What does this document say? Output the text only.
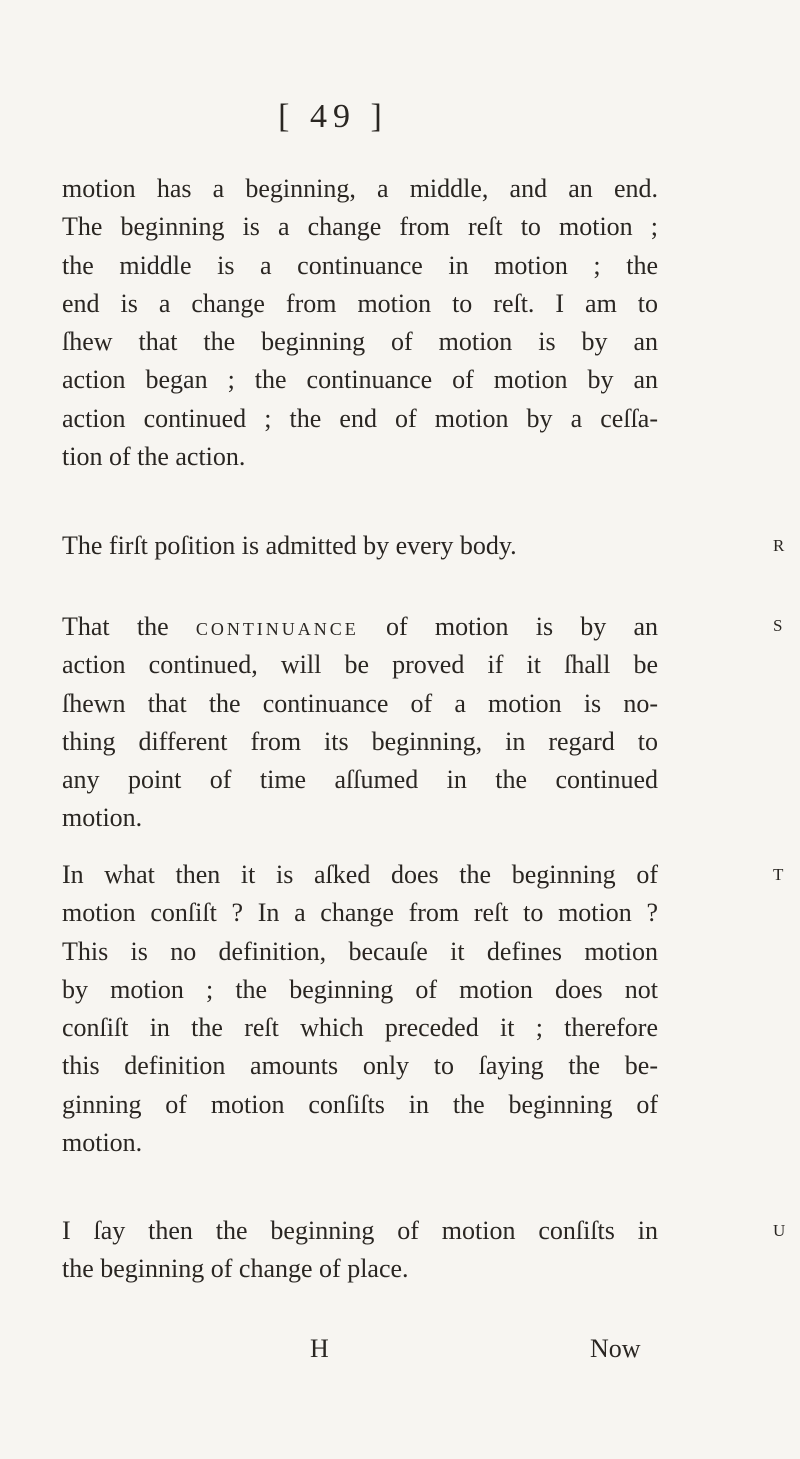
[ 49 ]
motion has a beginning, a middle, and an end.
The beginning is a change from reſt to motion ;
the middle is a continuance in motion ; the
end is a change from motion to reſt. I am to
ſhew that the beginning of motion is by an
action began ; the continuance of motion by an
action continued ; the end of motion by a ceſſa-
tion of the action.
The firſt poſition is admitted by every body.
That the continuance of motion is by an
action continued, will be proved if it ſhall be
ſhewn that the continuance of a motion is no-
thing different from its beginning, in regard to
any point of time aſſumed in the continued
motion.
In what then it is aſked does the beginning of
motion conſiſt ? In a change from reſt to motion ?
This is no definition, becauſe it defines motion
by motion ; the beginning of motion does not
conſiſt in the reſt which preceded it ; therefore
this definition amounts only to ſaying the be-
ginning of motion conſiſts in the beginning of
motion.
I ſay then the beginning of motion conſiſts in
the beginning of change of place.
R
S
T
U
H	Now
